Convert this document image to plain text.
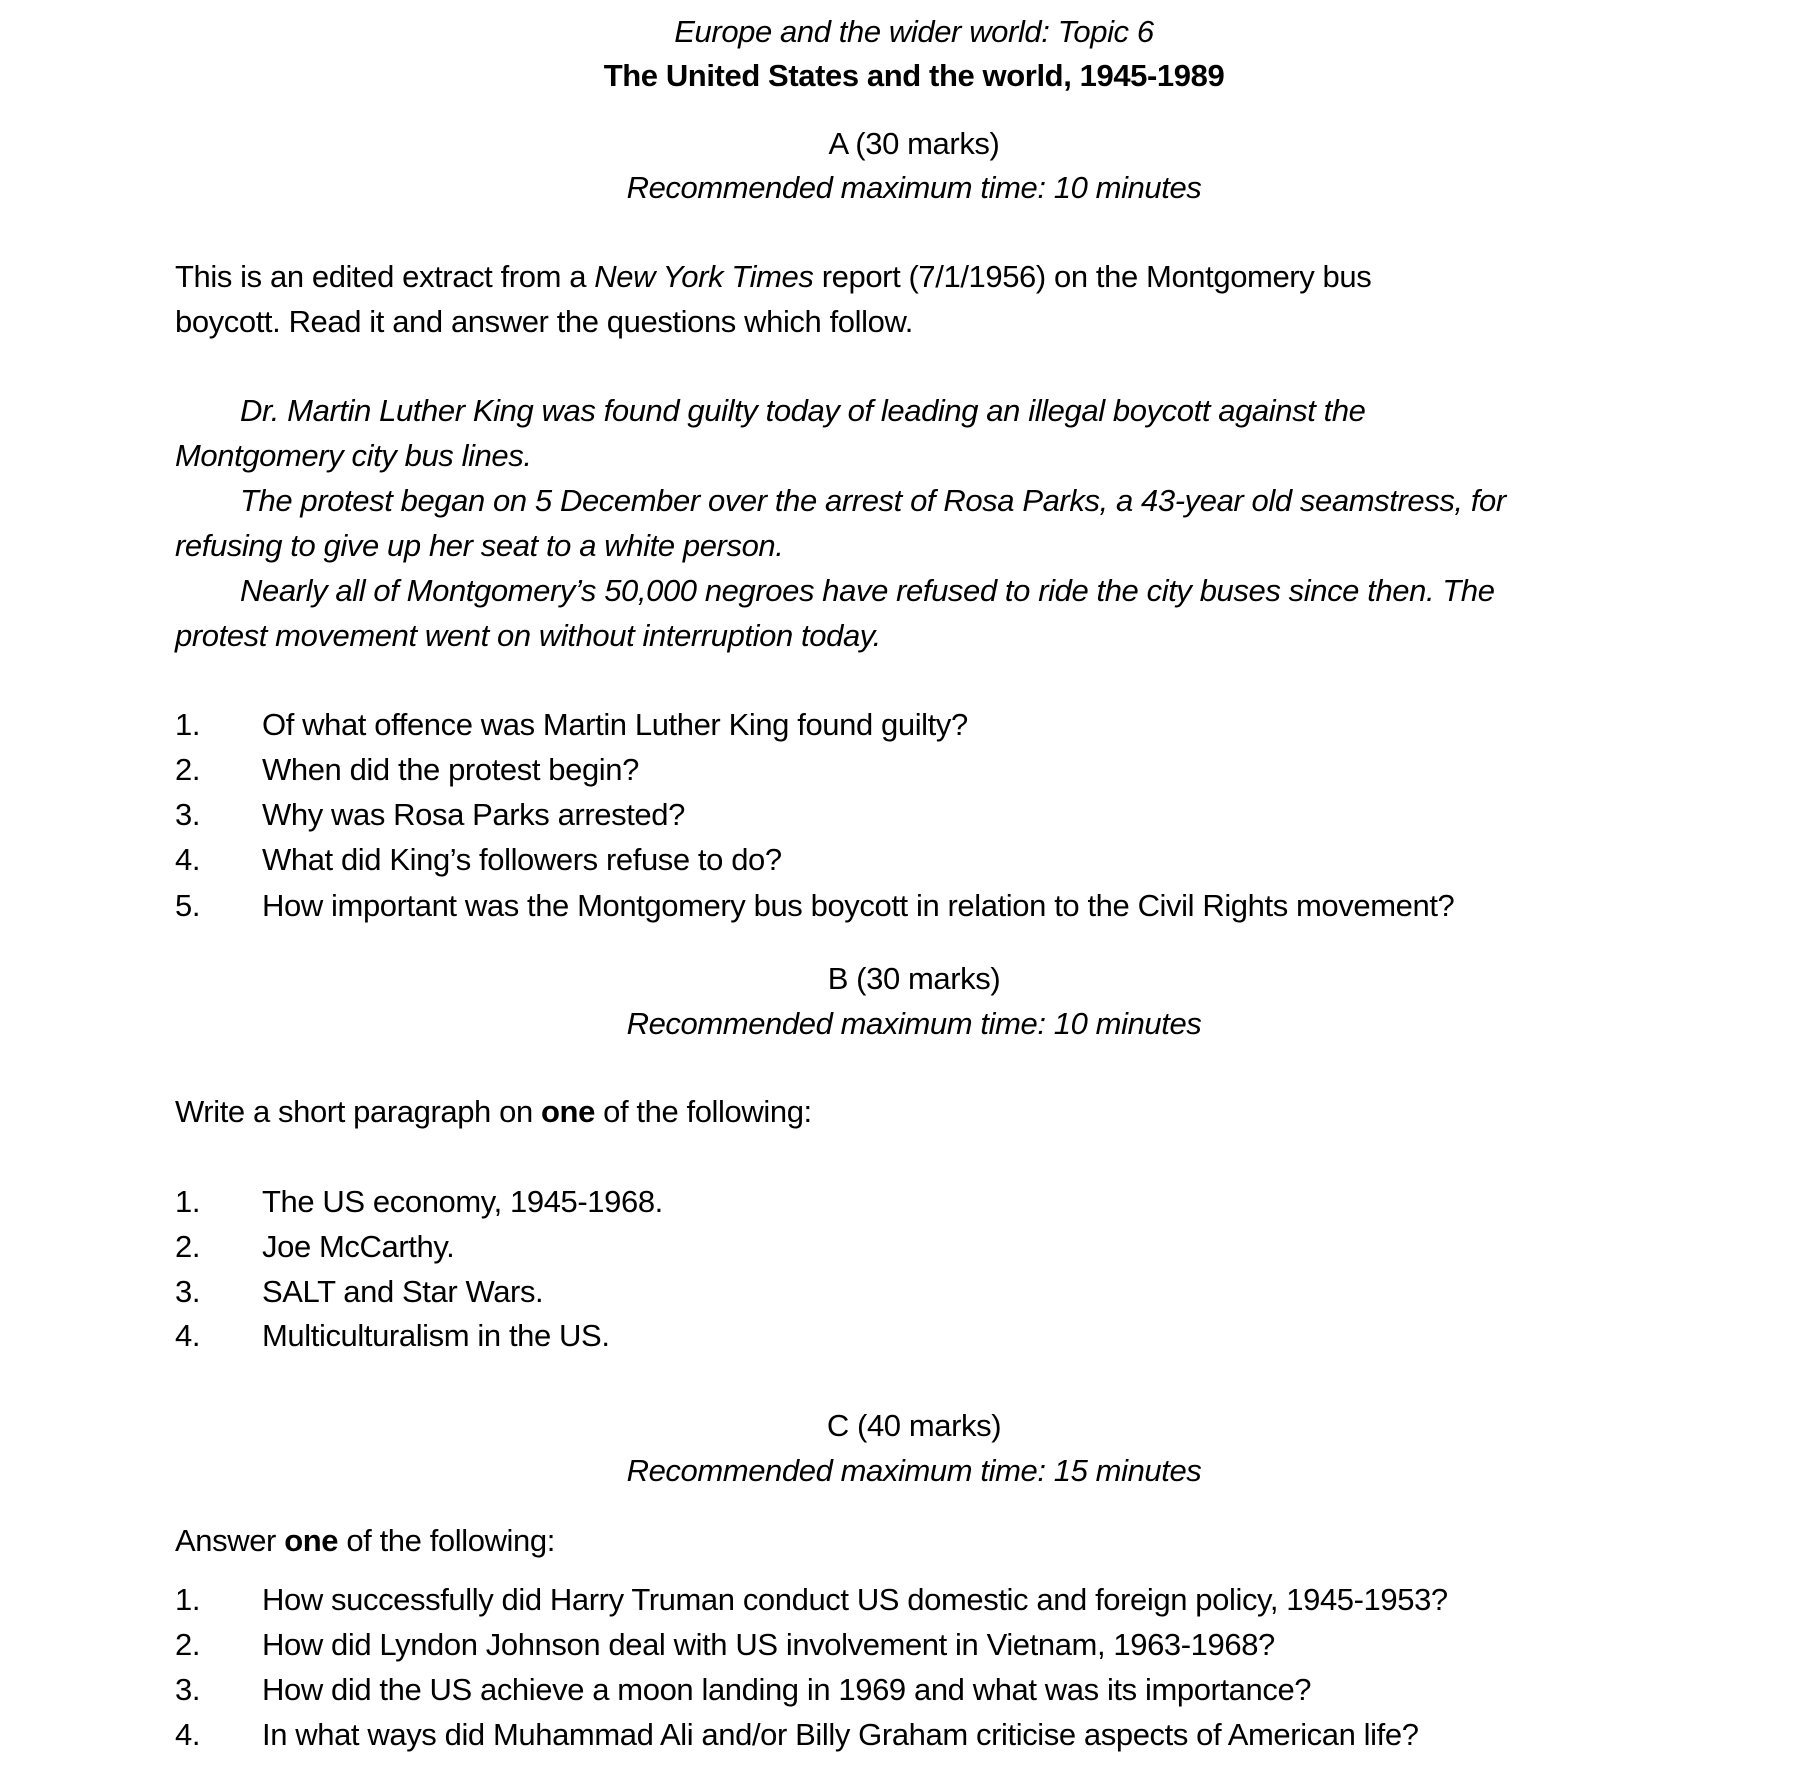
Europe and the wider world: Topic 6
The United States and the world, 1945-1989
A (30 marks)
Recommended maximum time: 10 minutes
This is an edited extract from a New York Times report (7/1/1956) on the Montgomery bus
boycott. Read it and answer the questions which follow.
Dr. Martin Luther King was found guilty today of leading an illegal boycott against the
Montgomery city bus lines.
The protest began on 5 December over the arrest of Rosa Parks, a 43-year old seamstress, for
refusing to give up her seat to a white person.
Nearly all of Montgomery’s 50,000 negroes have refused to ride the city buses since then. The
protest movement went on without interruption today.
1. Of what offence was Martin Luther King found guilty?
2. When did the protest begin?
3. Why was Rosa Parks arrested?
4. What did King’s followers refuse to do?
5. How important was the Montgomery bus boycott in relation to the Civil Rights movement?
B (30 marks)
Recommended maximum time: 10 minutes
Write a short paragraph on one of the following:
1. The US economy, 1945-1968.
2. Joe McCarthy.
3. SALT and Star Wars.
4. Multiculturalism in the US.
C (40 marks)
Recommended maximum time: 15 minutes
Answer one of the following:
1. How successfully did Harry Truman conduct US domestic and foreign policy, 1945-1953?
2. How did Lyndon Johnson deal with US involvement in Vietnam, 1963-1968?
3. How did the US achieve a moon landing in 1969 and what was its importance?
4. In what ways did Muhammad Ali and/or Billy Graham criticise aspects of American life?
